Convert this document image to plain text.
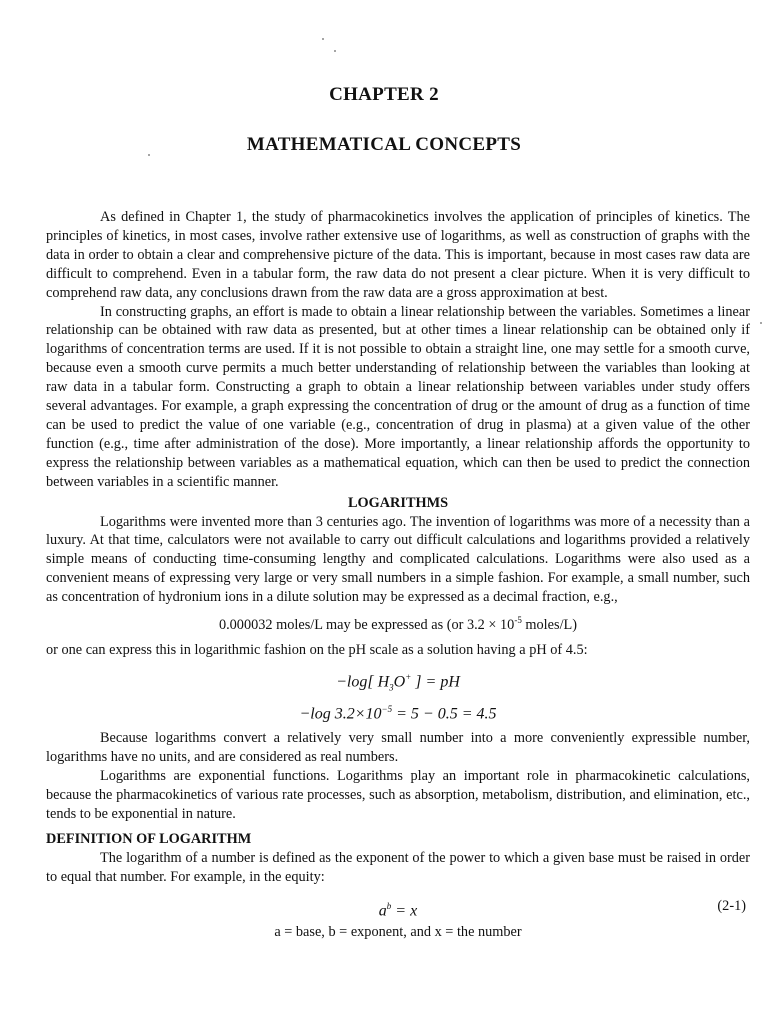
CHAPTER 2
MATHEMATICAL CONCEPTS

As defined in Chapter 1, the study of pharmacokinetics involves the application of principles of kinetics. The principles of kinetics, in most cases, involve rather extensive use of logarithms, as well as construction of graphs with the data in order to obtain a clear and comprehensive picture of the data. This is important, because in most cases raw data are difficult to comprehend. Even in a tabular form, the raw data do not present a clear picture. When it is very difficult to comprehend raw data, any conclusions drawn from the raw data are a gross approximation at best.

In constructing graphs, an effort is made to obtain a linear relationship between the variables. Sometimes a linear relationship can be obtained with raw data as presented, but at other times a linear relationship can be obtained only if logarithms of concentration terms are used. If it is not possible to obtain a straight line, one may settle for a smooth curve, because even a smooth curve permits a much better understanding of relationship between the variables than looking at raw data in a tabular form. Constructing a graph to obtain a linear relationship between variables under study offers several advantages. For example, a graph expressing the concentration of drug or the amount of drug as a function of time can be used to predict the value of one variable (e.g., concentration of drug in plasma) at a given value of the other function (e.g., time after administration of the dose). More importantly, a linear relationship affords the opportunity to express the relationship between variables as a mathematical equation, which can then be used to predict the connection between variables in a scientific manner.

LOGARITHMS

Logarithms were invented more than 3 centuries ago. The invention of logarithms was more of a necessity than a luxury. At that time, calculators were not available to carry out difficult calculations and logarithms provided a relatively simple means of conducting time-consuming lengthy and complicated calculations. Logarithms were also used as a convenient means of expressing very large or very small numbers in a simple fashion. For example, a small number, such as concentration of hydronium ions in a dilute solution may be expressed as a decimal fraction, e.g.,

0.000032 moles/L may be expressed as (or $3.2 \times 10^{-5}$ moles/L)

or one can express this in logarithmic fashion on the pH scale as a solution having a pH of 4.5:

−log[ $H_3O^+$ ] = pH

−log $3.2\times 10^{-5} = 5 - 0.5 = 4.5$

Because logarithms convert a relatively very small number into a more conveniently expressible number, logarithms have no units, and are considered as real numbers.

Logarithms are exponential functions. Logarithms play an important role in pharmacokinetic calculations, because the pharmacokinetics of various rate processes, such as absorption, metabolism, distribution, and elimination, etc., tends to be exponential in nature.

DEFINITION OF LOGARITHM

The logarithm of a number is defined as the exponent of the power to which a given base must be raised in order to equal that number. For example, in the equity:

$a^b = x$	(2-1)

a = base, b = exponent, and x = the number
